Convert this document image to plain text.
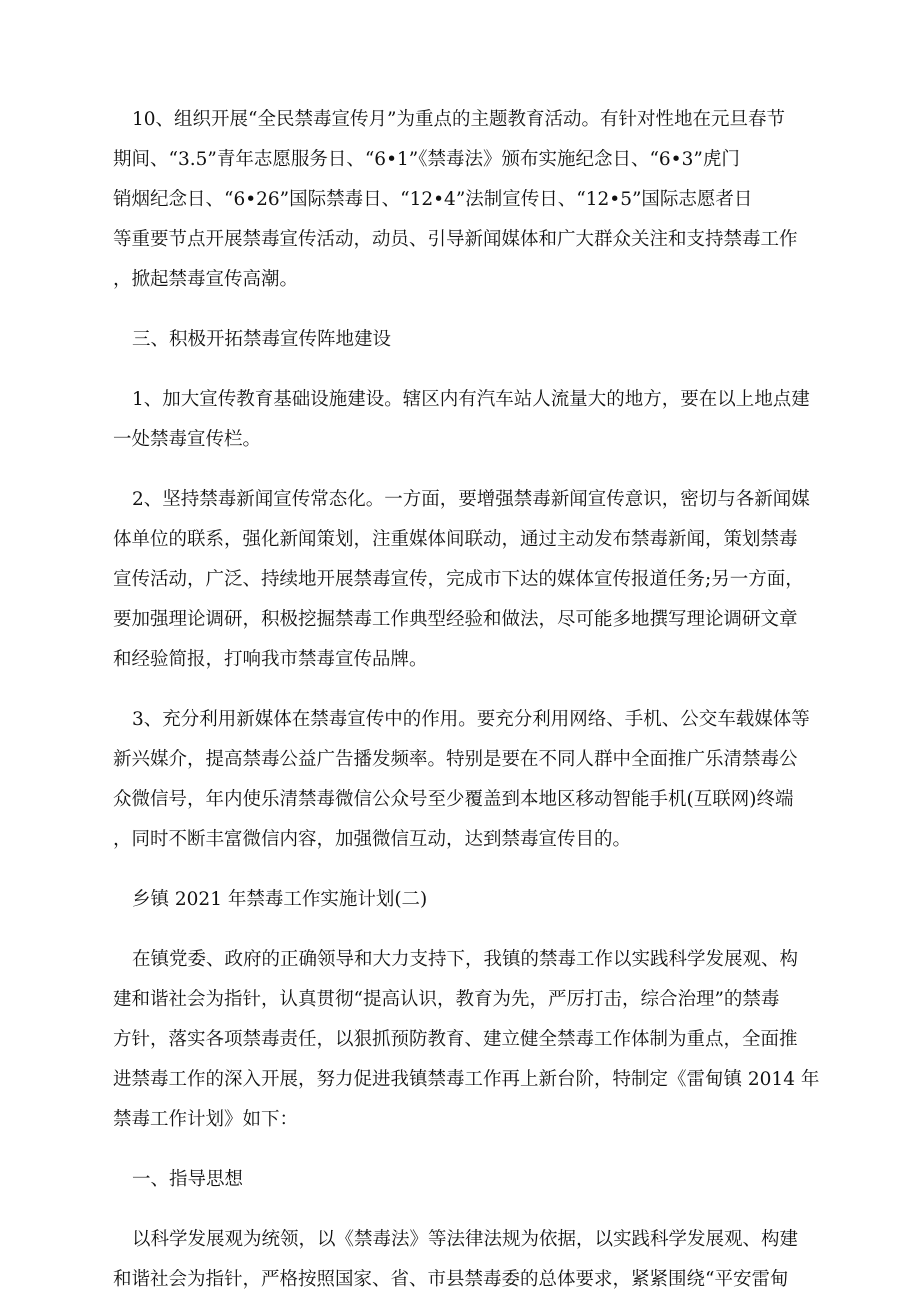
10、组织开展“全民禁毒宣传月”为重点的主题教育活动。有针对性地在元旦春节
期间、“3.5”青年志愿服务日、“6•1”《禁毒法》颁布实施纪念日、“6•3”虎门
销烟纪念日、“6•26”国际禁毒日、“12•4”法制宣传日、“12•5”国际志愿者日
等重要节点开展禁毒宣传活动，动员、引导新闻媒体和广大群众关注和支持禁毒工作
，掀起禁毒宣传高潮。

三、积极开拓禁毒宣传阵地建设

1、加大宣传教育基础设施建设。辖区内有汽车站人流量大的地方，要在以上地点建
一处禁毒宣传栏。

2、坚持禁毒新闻宣传常态化。一方面，要增强禁毒新闻宣传意识，密切与各新闻媒
体单位的联系，强化新闻策划，注重媒体间联动，通过主动发布禁毒新闻，策划禁毒
宣传活动，广泛、持续地开展禁毒宣传，完成市下达的媒体宣传报道任务;另一方面，
要加强理论调研，积极挖掘禁毒工作典型经验和做法，尽可能多地撰写理论调研文章
和经验简报，打响我市禁毒宣传品牌。

3、充分利用新媒体在禁毒宣传中的作用。要充分利用网络、手机、公交车载媒体等
新兴媒介，提高禁毒公益广告播发频率。特别是要在不同人群中全面推广乐清禁毒公
众微信号，年内使乐清禁毒微信公众号至少覆盖到本地区移动智能手机(互联网)终端
，同时不断丰富微信内容，加强微信互动，达到禁毒宣传目的。

乡镇 2021 年禁毒工作实施计划(二)

在镇党委、政府的正确领导和大力支持下，我镇的禁毒工作以实践科学发展观、构
建和谐社会为指针，认真贯彻“提高认识，教育为先，严厉打击，综合治理”的禁毒
方针，落实各项禁毒责任，以狠抓预防教育、建立健全禁毒工作体制为重点，全面推
进禁毒工作的深入开展，努力促进我镇禁毒工作再上新台阶，特制定《雷甸镇 2014 年
禁毒工作计划》如下：

一、指导思想

以科学发展观为统领，以《禁毒法》等法律法规为依据，以实践科学发展观、构建
和谐社会为指针，严格按照国家、省、市县禁毒委的总体要求，紧紧围绕“平安雷甸
